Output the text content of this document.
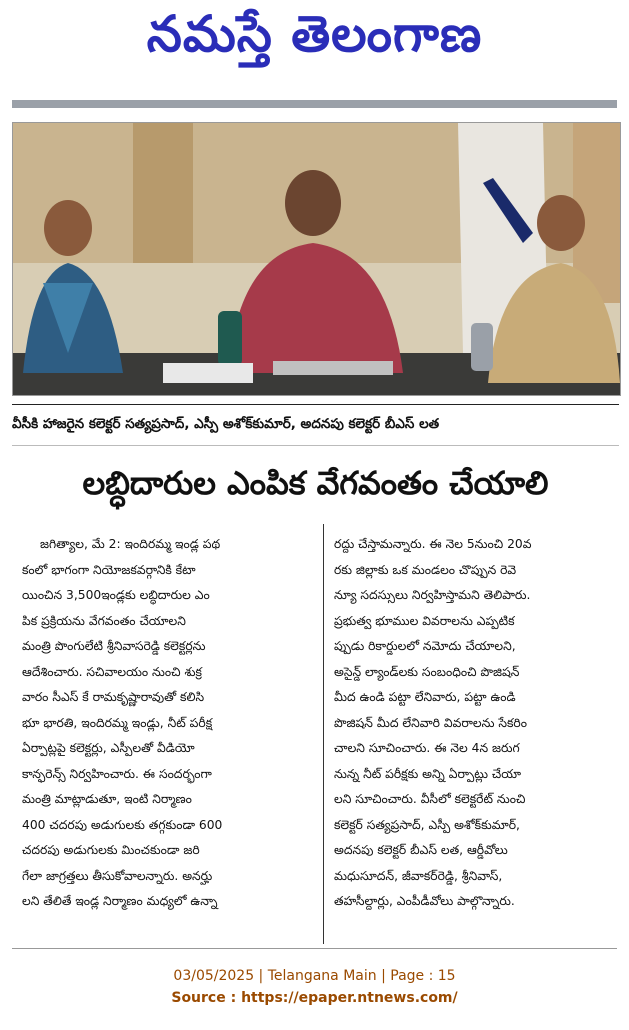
నమస్తే తెలంగాణ
వీసీకి హాజరైన కలెక్టర్ సత్యప్రసాద్, ఎస్పీ అశోక్‌కుమార్, అదనపు కలెక్టర్ బీఎస్ లత
లబ్ధిదారుల ఎంపిక వేగవంతం చేయాలి
జగిత్యాల, మే 2: ఇందిరమ్మ ఇండ్ల పథ
కంలో భాగంగా నియోజకవర్గానికి కేటా
యించిన 3,500ఇండ్లకు లబ్ధిదారుల ఎం
పిక ప్రక్రియను వేగవంతం చేయాలని
మంత్రి పొంగులేటి శ్రీనివాసరెడ్డి కలెక్టర్లను
ఆదేశించారు. సచివాలయం నుంచి శుక్ర
వారం సీఎస్ కే రామకృష్ణారావుతో కలిసి
భూ భారతి, ఇందిరమ్మ ఇండ్లు, నీట్ పరీక్ష
ఏర్పాట్లపై కలెక్టర్లు, ఎస్పీలతో వీడియో
కాన్ఫరెన్స్ నిర్వహించారు. ఈ సందర్భంగా
మంత్రి మాట్లాడుతూ, ఇంటి నిర్మాణం
400 చదరపు అడుగులకు తగ్గకుండా 600
చదరపు అడుగులకు మించకుండా జరి
గేలా జాగ్రత్తలు తీసుకోవాలన్నారు. అనర్హు
లని తేలితే ఇండ్ల నిర్మాణం మధ్యలో ఉన్నా
రద్దు చేస్తామన్నారు. ఈ నెల 5నుంచి 20వ
రకు జిల్లాకు ఒక మండలం చొప్పున రెవె
న్యూ సదస్సులు నిర్వహిస్తామని తెలిపారు.
ప్రభుత్వ భూముల వివరాలను ఎప్పటిక
ప్పుడు రికార్డులలో నమోదు చేయాలని,
అసైన్డ్ ల్యాండ్‌లకు సంబంధించి పొజిషన్
మీద ఉండి పట్టా లేనివారు, పట్టా ఉండి
పొజిషన్ మీద లేనివారి వివరాలను సేకరిం
చాలని సూచించారు. ఈ నెల 4న జరుగ
నున్న నీట్ పరీక్షకు అన్ని ఏర్పాట్లు చేయా
లని సూచించారు. వీసీలో కలెక్టరేట్ నుంచి
కలెక్టర్ సత్యప్రసాద్, ఎస్పీ అశోక్‌కుమార్,
అదనపు కలెక్టర్ బీఎస్ లత, ఆర్డీవోలు
మధుసూదన్, జీవాకర్‌రెడ్డి, శ్రీనివాస్,
తహసీల్దార్లు, ఎంపీడీవోలు పాల్గొన్నారు.
03/05/2025 | Telangana Main | Page : 15
Source : https://epaper.ntnews.com/
